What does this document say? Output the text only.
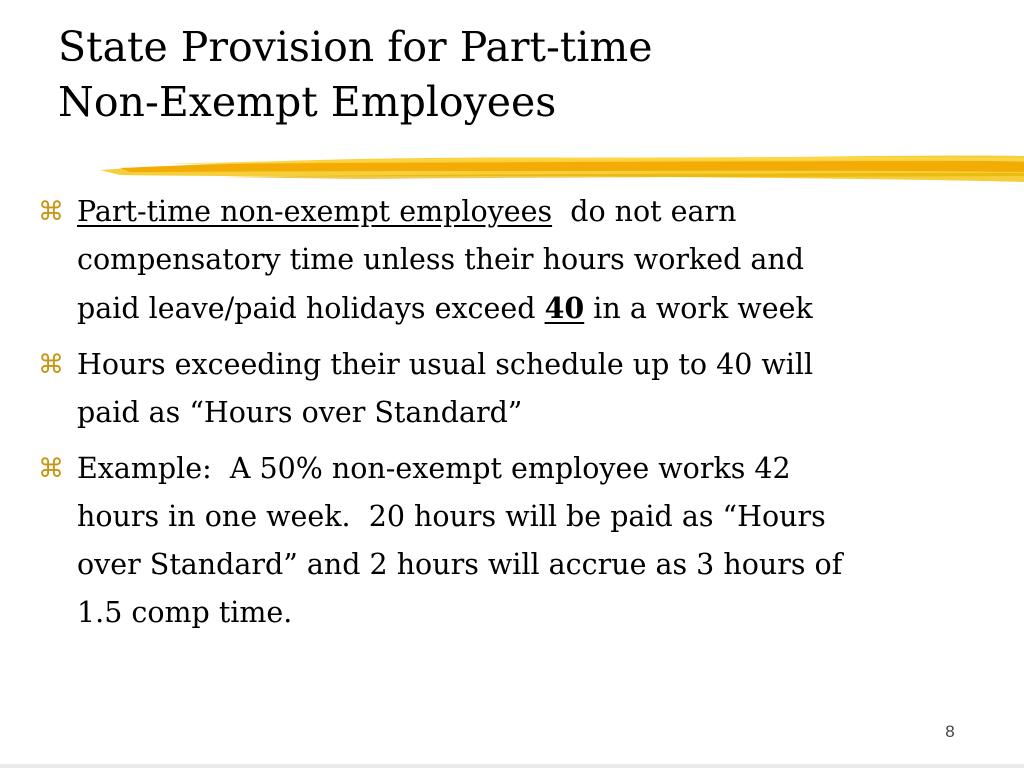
State Provision for Part-time
Non-Exempt Employees
⌘ Part-time non-exempt employees  do not earn
compensatory time unless their hours worked and
paid leave/paid holidays exceed 40 in a work week
⌘ Hours exceeding their usual schedule up to 40 will
paid as “Hours over Standard”
⌘ Example:  A 50% non-exempt employee works 42
hours in one week.  20 hours will be paid as “Hours
over Standard” and 2 hours will accrue as 3 hours of
1.5 comp time.
8
